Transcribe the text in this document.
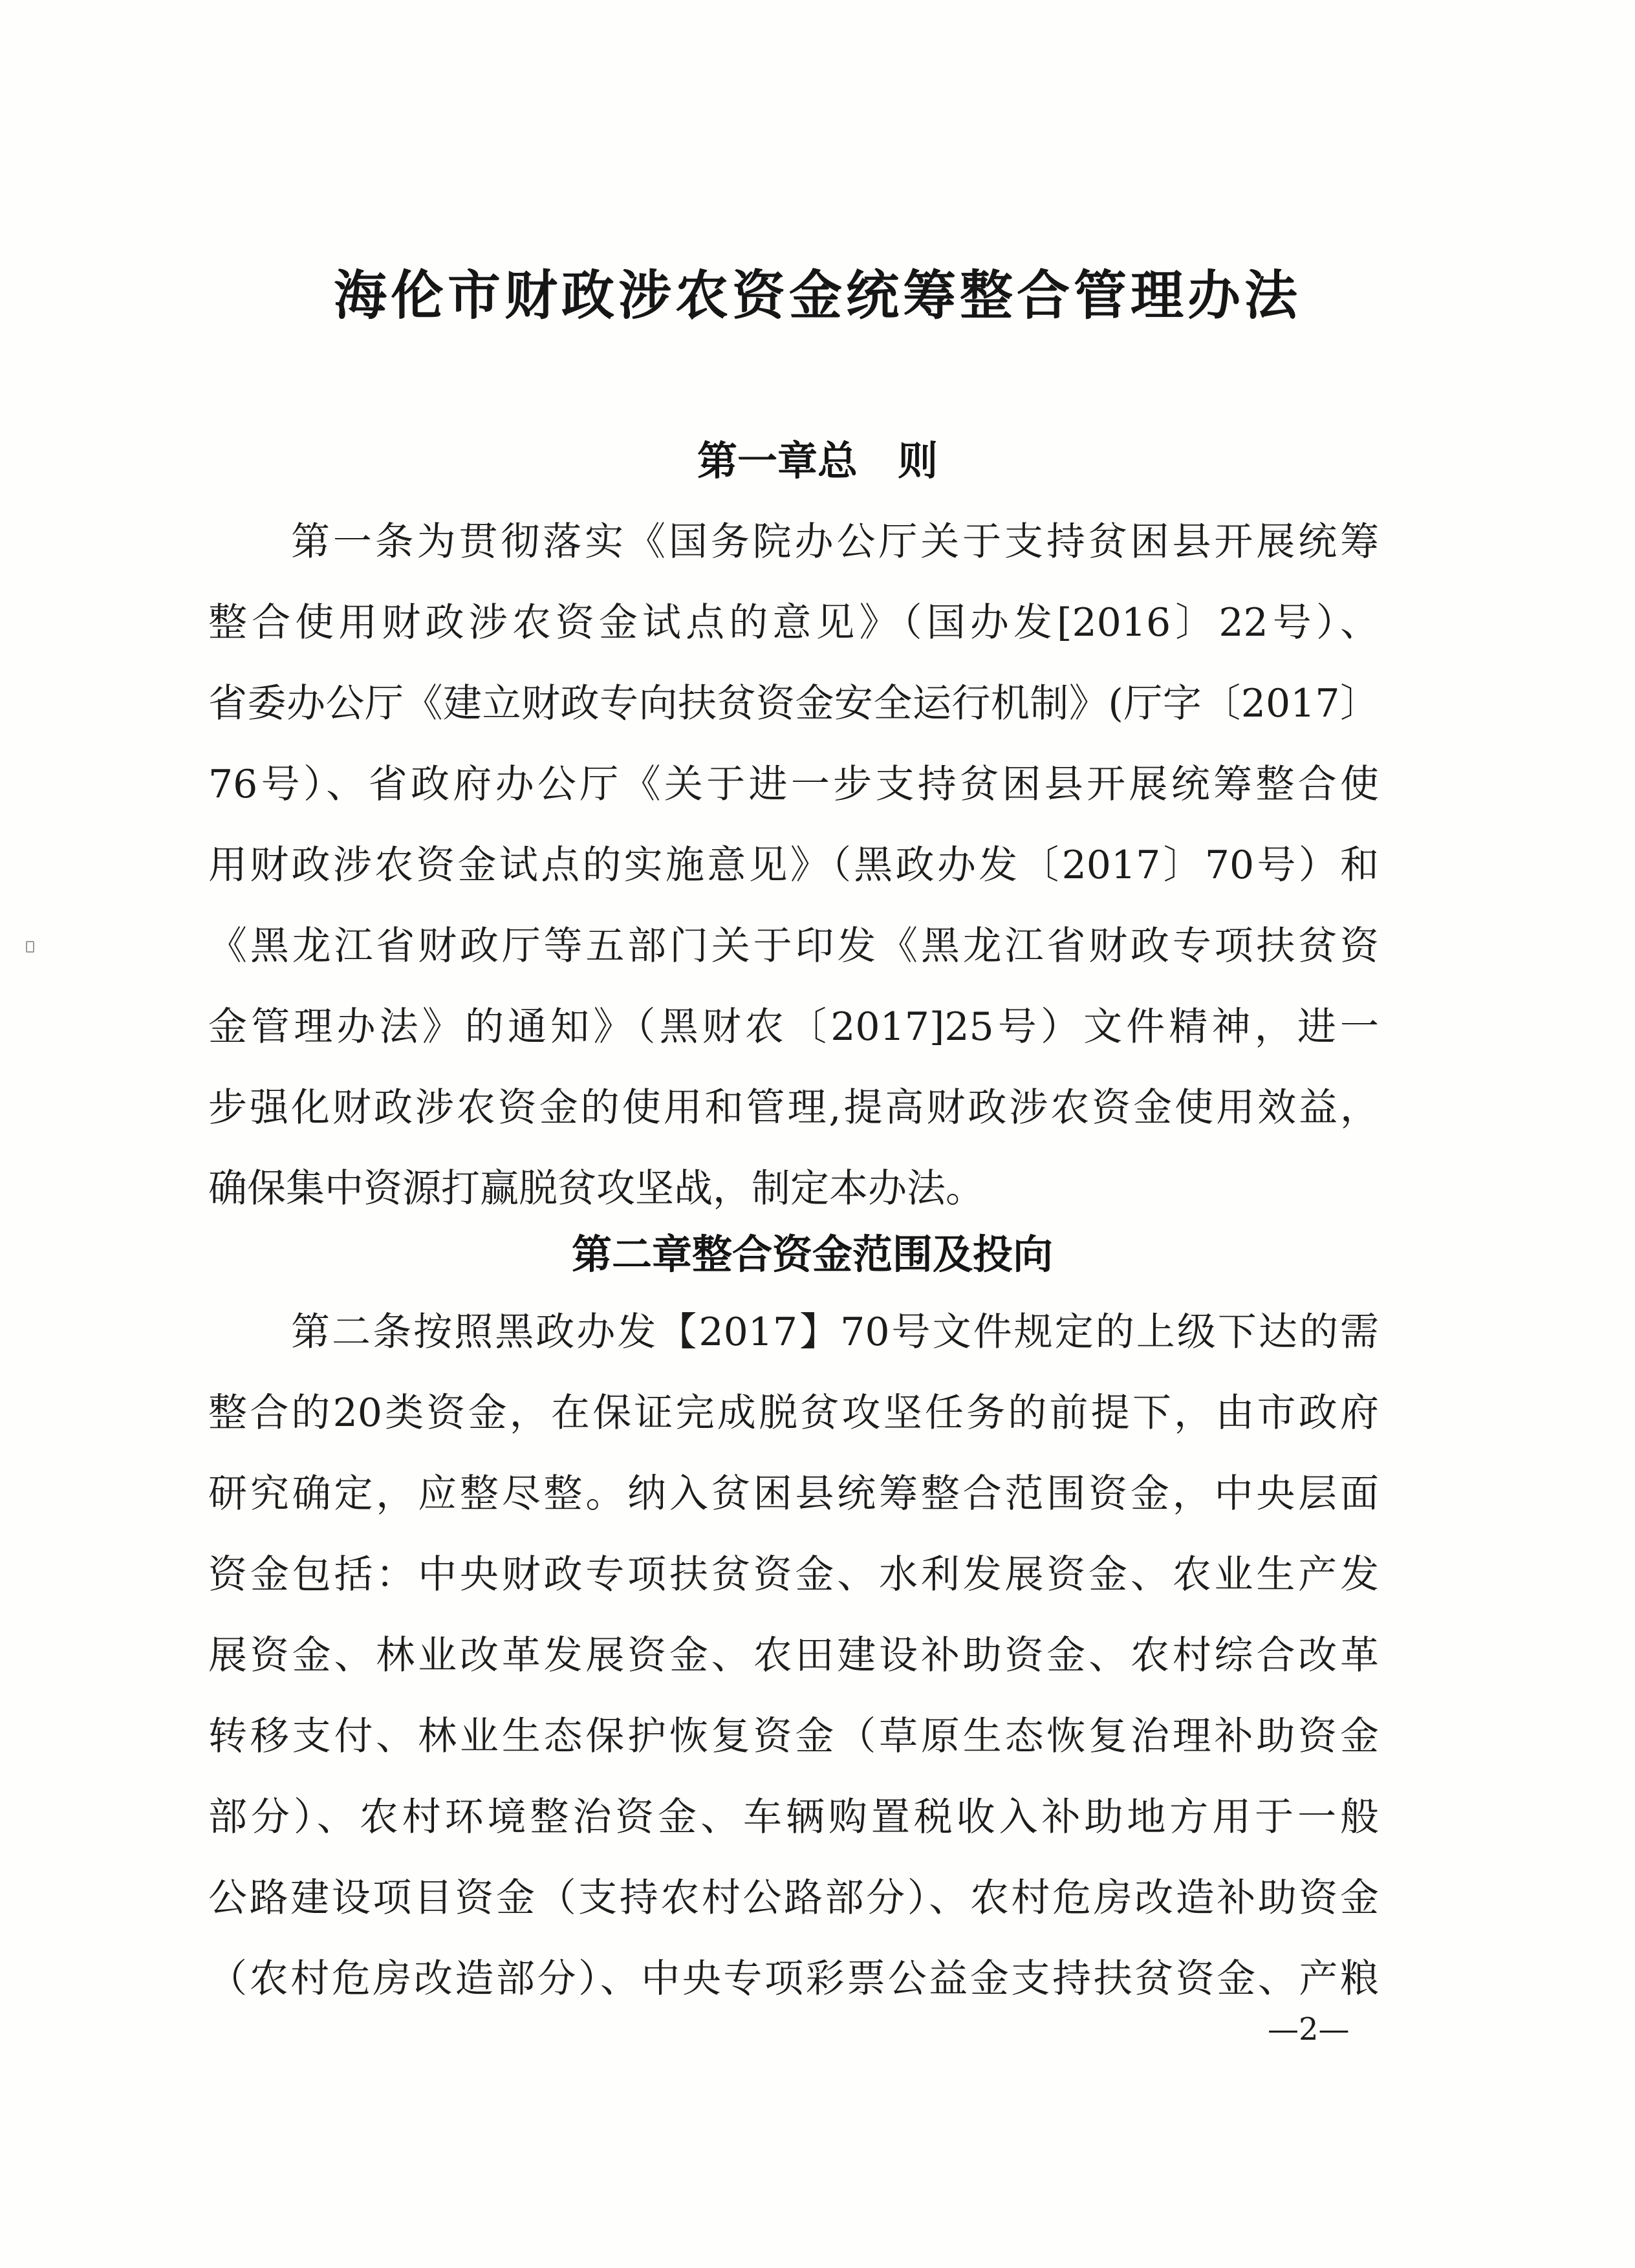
海伦市财政涉农资金统筹整合管理办法
第一章总　则

第一条为贯彻落实《国务院办公厅关于支持贫困县开展统筹

整合使用财政涉农资金试点的意见》（国办发[2016〕22号）、

省委办公厅《建立财政专向扶贫资金安全运行机制》(厅字〔2017〕

76号）、省政府办公厅《关于进一步支持贫困县开展统筹整合使

用财政涉农资金试点的实施意见》（黑政办发〔2017〕70号）和

《黑龙江省财政厅等五部门关于印发《黑龙江省财政专项扶贫资

金管理办法》的通知》（黑财农〔2017]25号）文件精神，进一

步强化财政涉农资金的使用和管理,提高财政涉农资金使用效益，

确保集中资源打赢脱贫攻坚战，制定本办法。

第二章整合资金范围及投向

第二条按照黑政办发【2017】70号文件规定的上级下达的需

整合的20类资金，在保证完成脱贫攻坚任务的前提下，由市政府

研究确定，应整尽整。纳入贫困县统筹整合范围资金，中央层面

资金包括：中央财政专项扶贫资金、水利发展资金、农业生产发

展资金、林业改革发展资金、农田建设补助资金、农村综合改革

转移支付、林业生态保护恢复资金（草原生态恢复治理补助资金

部分）、农村环境整治资金、车辆购置税收入补助地方用于一般

公路建设项目资金（支持农村公路部分）、农村危房改造补助资金

（农村危房改造部分）、中央专项彩票公益金支持扶贫资金、产粮

—2—
